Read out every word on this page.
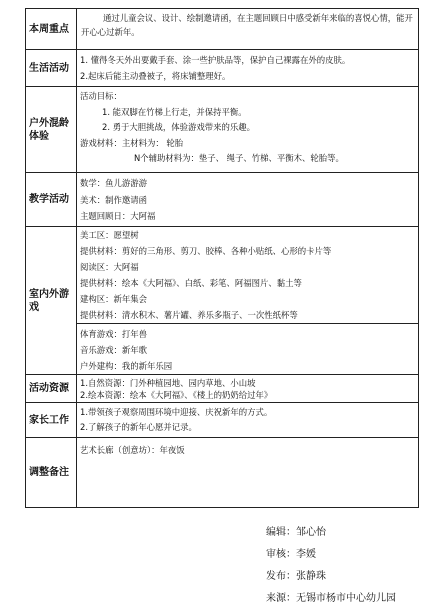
本周重点
通过儿童会议、设计、绘制邀请函，在主题回顾日中感受新年来临的喜悦心情，能开开心心过新年。
生活活动
1. 懂得冬天外出要戴手套、涂一些护肤品等，保护自己裸露在外的皮肤。
2.起床后能主动叠被子，将床铺整理好。
户外混龄体验
活动目标：
1. 能双脚在竹梯上行走，并保持平衡。
2. 勇于大胆挑战，体验游戏带来的乐趣。
游戏材料：主材料为： 轮胎
N个辅助材料为：垫子、 绳子、竹梯、平衡木、轮胎等。
教学活动
数学：鱼儿游游游
美术：制作邀请函
主题回顾日：大阿福
室内外游戏
美工区：愿望树
提供材料：剪好的三角形、剪刀、胶棒、各种小贴纸、心形的卡片等
阅读区：大阿福
提供材料：绘本《大阿福》、白纸、彩笔、阿福图片、黏土等
建构区：新年集会
提供材料：清水积木、薯片罐、养乐多瓶子、一次性纸杯等
体育游戏：打年兽
音乐游戏：新年歌
户外建构：我的新年乐园
活动资源	1.自然资源：门外种植园地、园内草地、小山坡
2.绘本资源：绘本《大阿福》、《楼上的奶奶给过年》
家长工作
1.带领孩子观察周围环境中迎接、庆祝新年的方式。
2.了解孩子的新年心愿并记录。
调整备注
艺术长廊（创意坊）：年夜饭
编辑：邹心怡
审核：李媛
发布：张静珠
来源：无锡市杨市中心幼儿园
